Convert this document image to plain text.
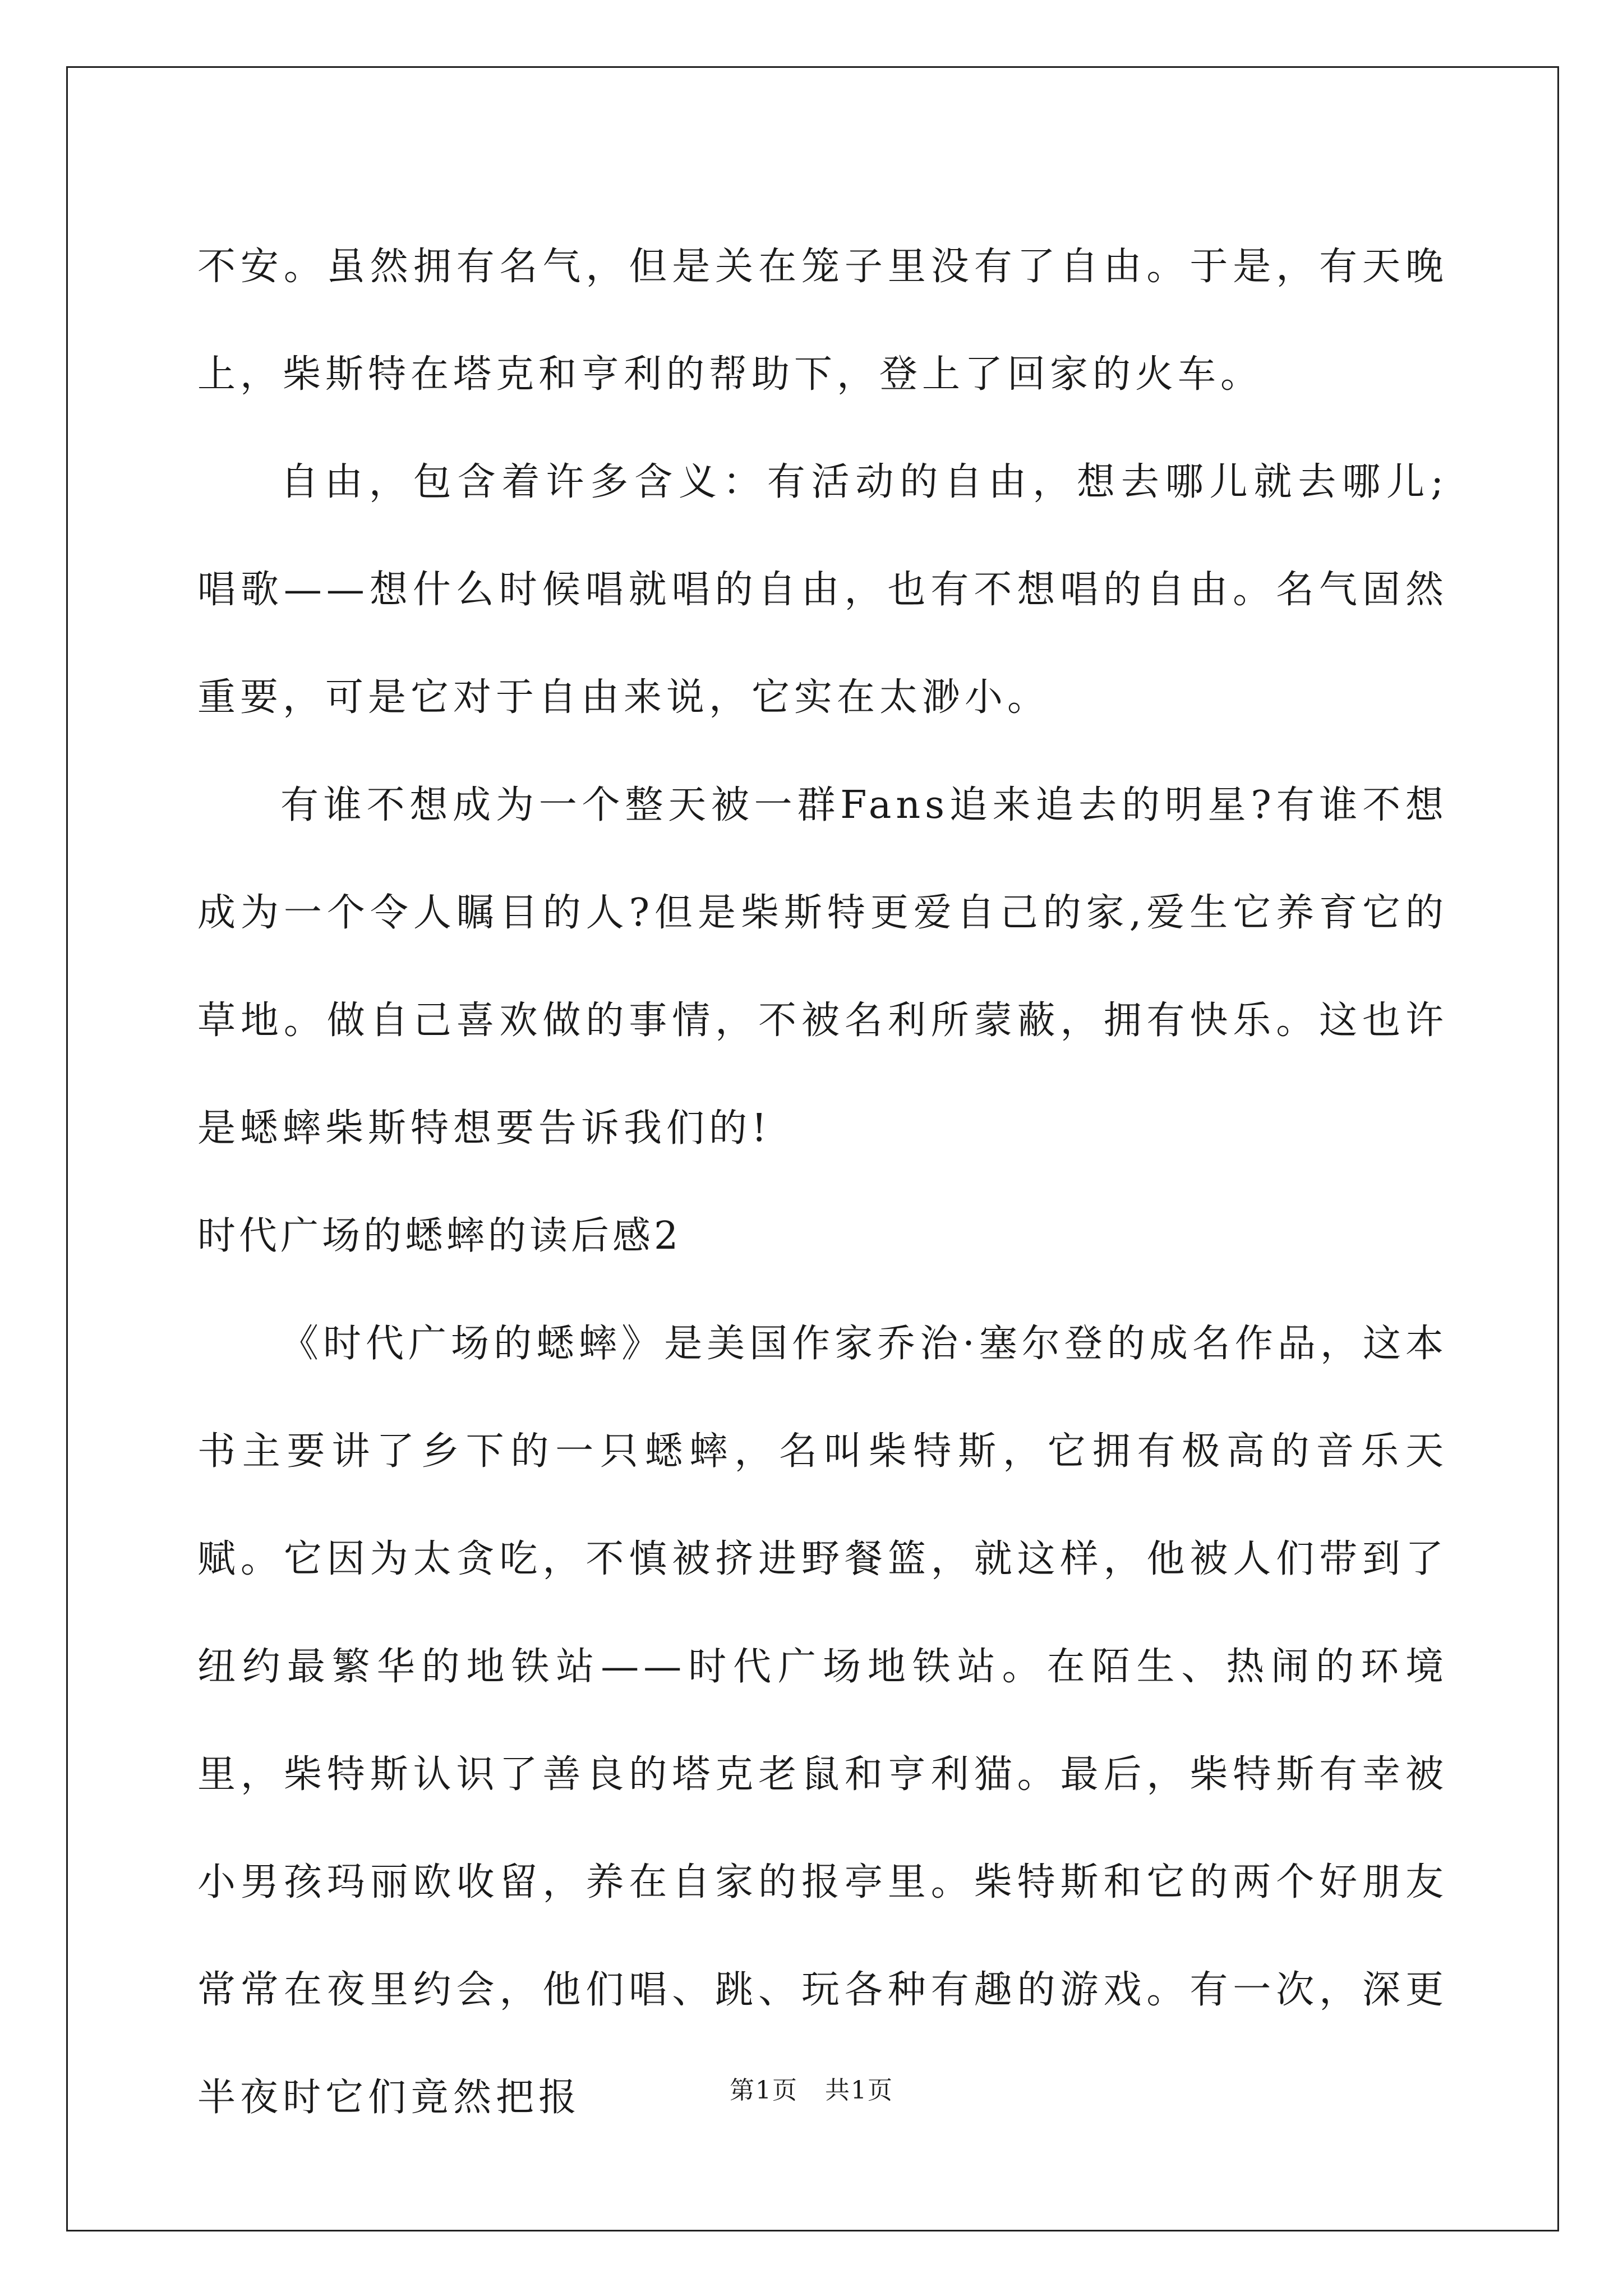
不安。虽然拥有名气，但是关在笼子里没有了自由。于是，有天晚上，柴斯特在塔克和亨利的帮助下，登上了回家的火车。

自由，包含着许多含义：有活动的自由，想去哪儿就去哪儿;唱歌——想什么时候唱就唱的自由，也有不想唱的自由。名气固然重要，可是它对于自由来说，它实在太渺小。

有谁不想成为一个整天被一群Fans追来追去的明星?有谁不想成为一个令人瞩目的人?但是柴斯特更爱自己的家,爱生它养育它的草地。做自己喜欢做的事情，不被名利所蒙蔽，拥有快乐。这也许是蟋蟀柴斯特想要告诉我们的!

时代广场的蟋蟀的读后感2

《时代广场的蟋蟀》是美国作家乔治·塞尔登的成名作品，这本书主要讲了乡下的一只蟋蟀，名叫柴特斯，它拥有极高的音乐天赋。它因为太贪吃，不慎被挤进野餐篮，就这样，他被人们带到了纽约最繁华的地铁站——时代广场地铁站。在陌生、热闹的环境里，柴特斯认识了善良的塔克老鼠和亨利猫。最后，柴特斯有幸被小男孩玛丽欧收留，养在自家的报亭里。柴特斯和它的两个好朋友常常在夜里约会，他们唱、跳、玩各种有趣的游戏。有一次，深更半夜时它们竟然把报	第1页 共1页
